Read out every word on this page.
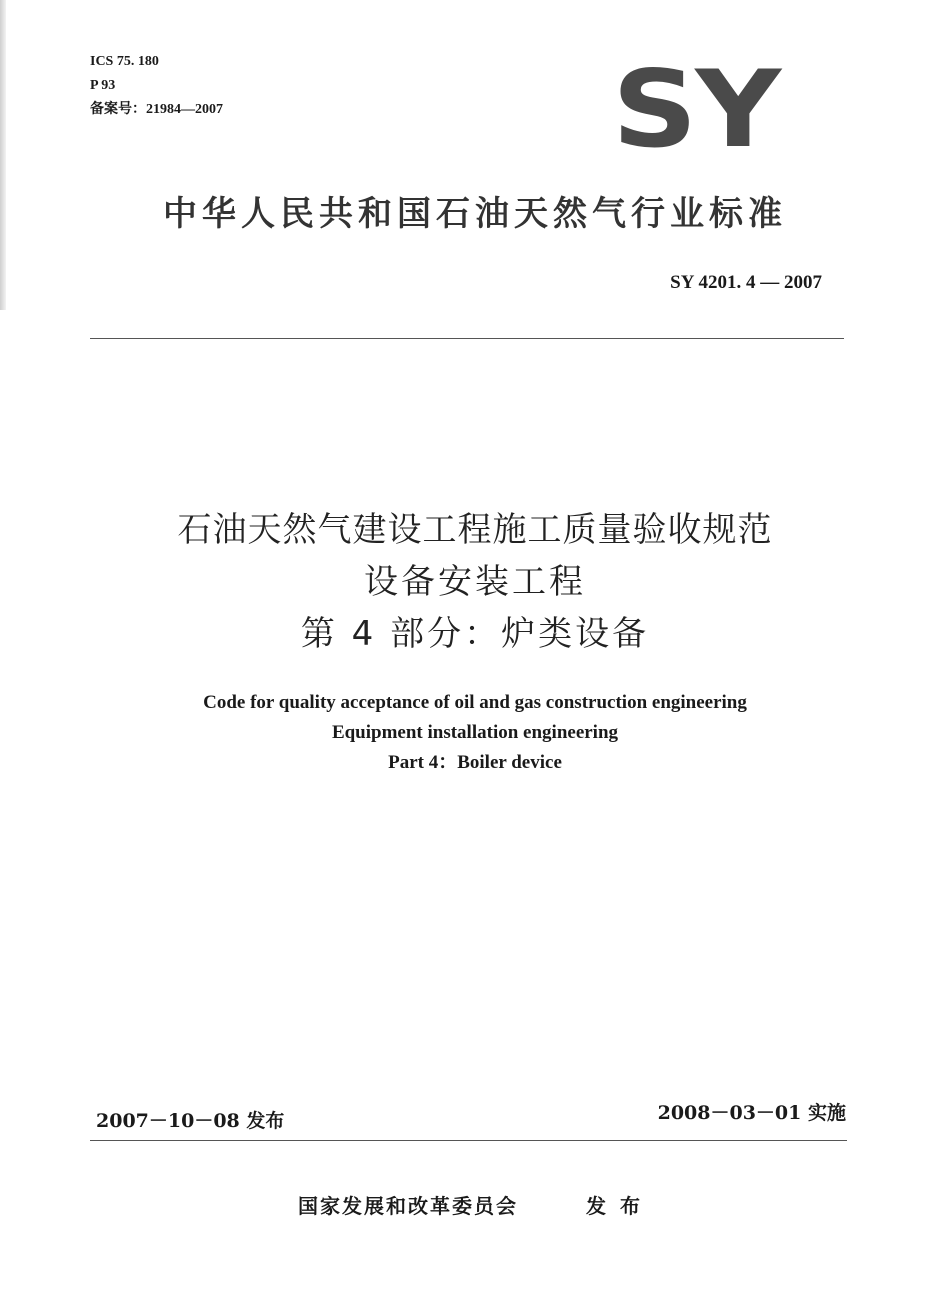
ICS 75. 180
P 93
备案号：21984—2007	SY
中华人民共和国石油天然气行业标准
SY 4201. 4 — 2007
石油天然气建设工程施工质量验收规范
设备安装工程
第 4 部分：炉类设备
Code for quality acceptance of oil and gas construction engineering
Equipment installation engineering
Part 4：Boiler device
2007－10－08 发布	2008－03－01 实施
国家发展和改革委员会	发布
